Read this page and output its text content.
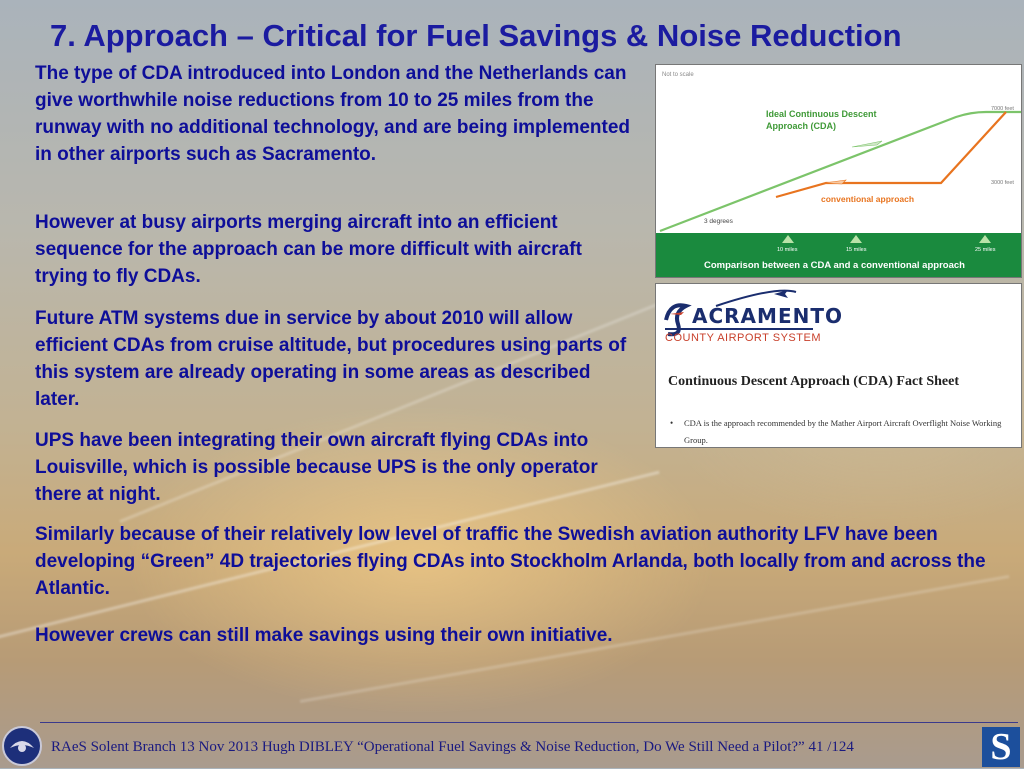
7. Approach – Critical for Fuel Savings & Noise Reduction
The type of CDA introduced into London and the Netherlands can give worthwhile noise reductions from 10 to 25 miles from the runway with no additional technology, and are being implemented in other airports such as Sacramento.
However at busy airports merging aircraft into an efficient sequence for the approach can be more difficult with aircraft trying to fly CDAs.
Future ATM systems due in service by about 2010 will allow efficient CDAs from cruise altitude, but procedures using parts of this system are already operating in some areas as described later.
UPS have been integrating their own aircraft flying CDAs into Louisville, which is possible because UPS is the only operator there at night.
Similarly because of their relatively low level of traffic the Swedish aviation authority LFV have been developing “Green” 4D trajectories flying CDAs into Stockholm Arlanda, both locally from and across the Atlantic.
However crews can still make savings using their own initiative.
Not to scale
Ideal Continuous Descent
Approach (CDA)
conventional approach
7000 feet
3000 feet
3 degrees
10 miles	15 miles	25 miles
Comparison between a CDA and a conventional approach
ACRAMENTO
COUNTY AIRPORT SYSTEM
Continuous Descent Approach (CDA) Fact Sheet
• CDA is the approach recommended by the Mather Airport Aircraft Overflight Noise Working Group.
RAeS Solent Branch 13 Nov 2013 Hugh DIBLEY “Operational Fuel Savings & Noise Reduction, Do We Still Need a Pilot?” 41 /124	S
